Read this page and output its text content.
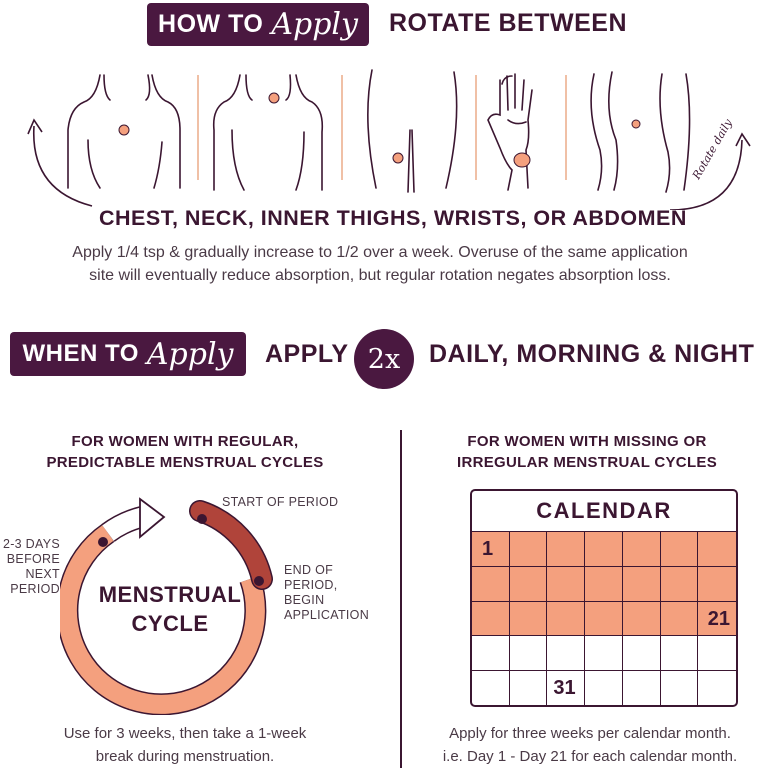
HOW TO Apply ROTATE BETWEEN
Rotate daily
CHEST, NECK, INNER THIGHS, WRISTS, OR ABDOMEN
Apply 1/4 tsp & gradually increase to 1/2 over a week. Overuse of the same application
site will eventually reduce absorption, but regular rotation negates absorption loss.
WHEN TO Apply APPLY 2x DAILY, MORNING & NIGHT
FOR WOMEN WITH REGULAR,
PREDICTABLE MENSTRUAL CYCLES
MENSTRUAL
CYCLE
START OF PERIOD
END OF
PERIOD,
BEGIN
APPLICATION
2-3 DAYS
BEFORE
NEXT
PERIOD
Use for 3 weeks, then take a 1-week
break during menstruation.
FOR WOMEN WITH MISSING OR
IRREGULAR MENSTRUAL CYCLES
CALENDAR
1
21
31
Apply for three weeks per calendar month.
i.e. Day 1 - Day 21 for each calendar month.
